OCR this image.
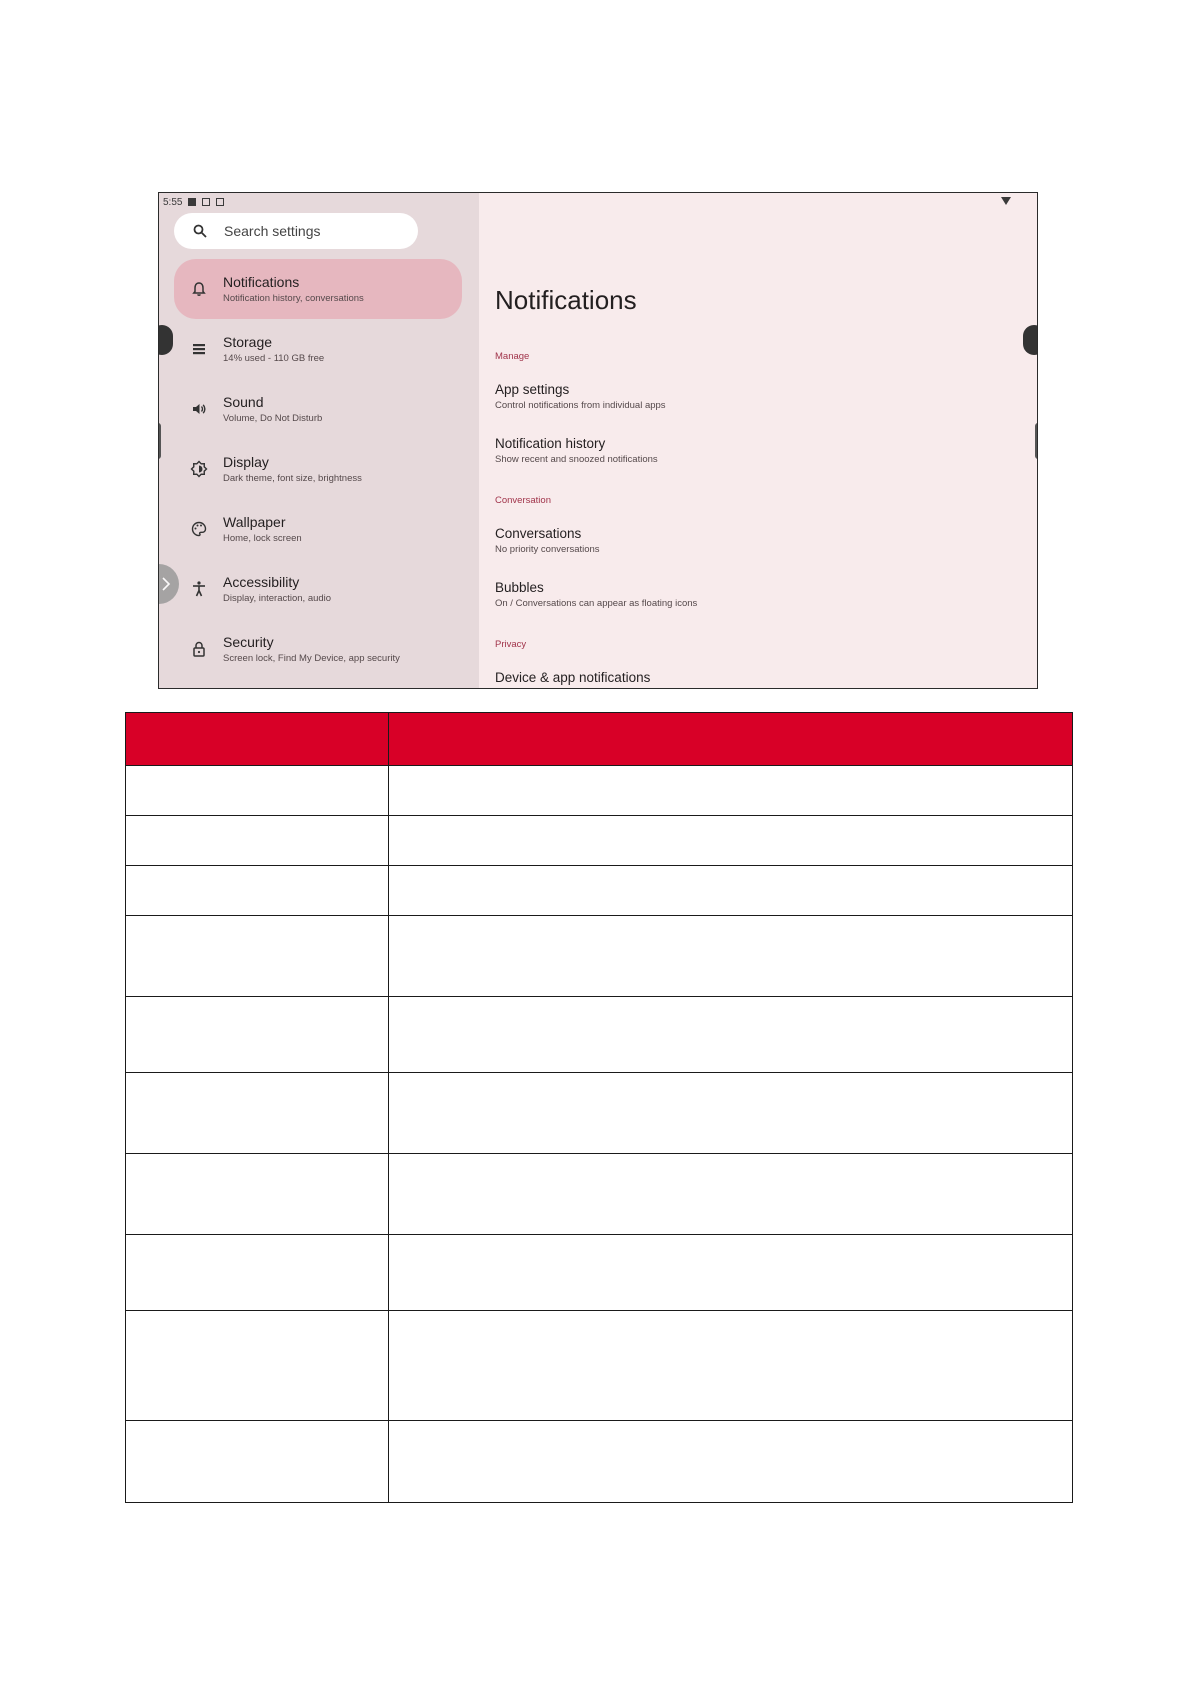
5:55
Search settings
Notifications
Notification history, conversations
Storage
14% used - 110 GB free
Sound
Volume, Do Not Disturb
Display
Dark theme, font size, brightness
Wallpaper
Home, lock screen
Accessibility
Display, interaction, audio
Security
Screen lock, Find My Device, app security
Notifications
Manage
App settings
Control notifications from individual apps
Notification history
Show recent and snoozed notifications
Conversation
Conversations
No priority conversations
Bubbles
On / Conversations can appear as floating icons
Privacy
Device & app notifications
